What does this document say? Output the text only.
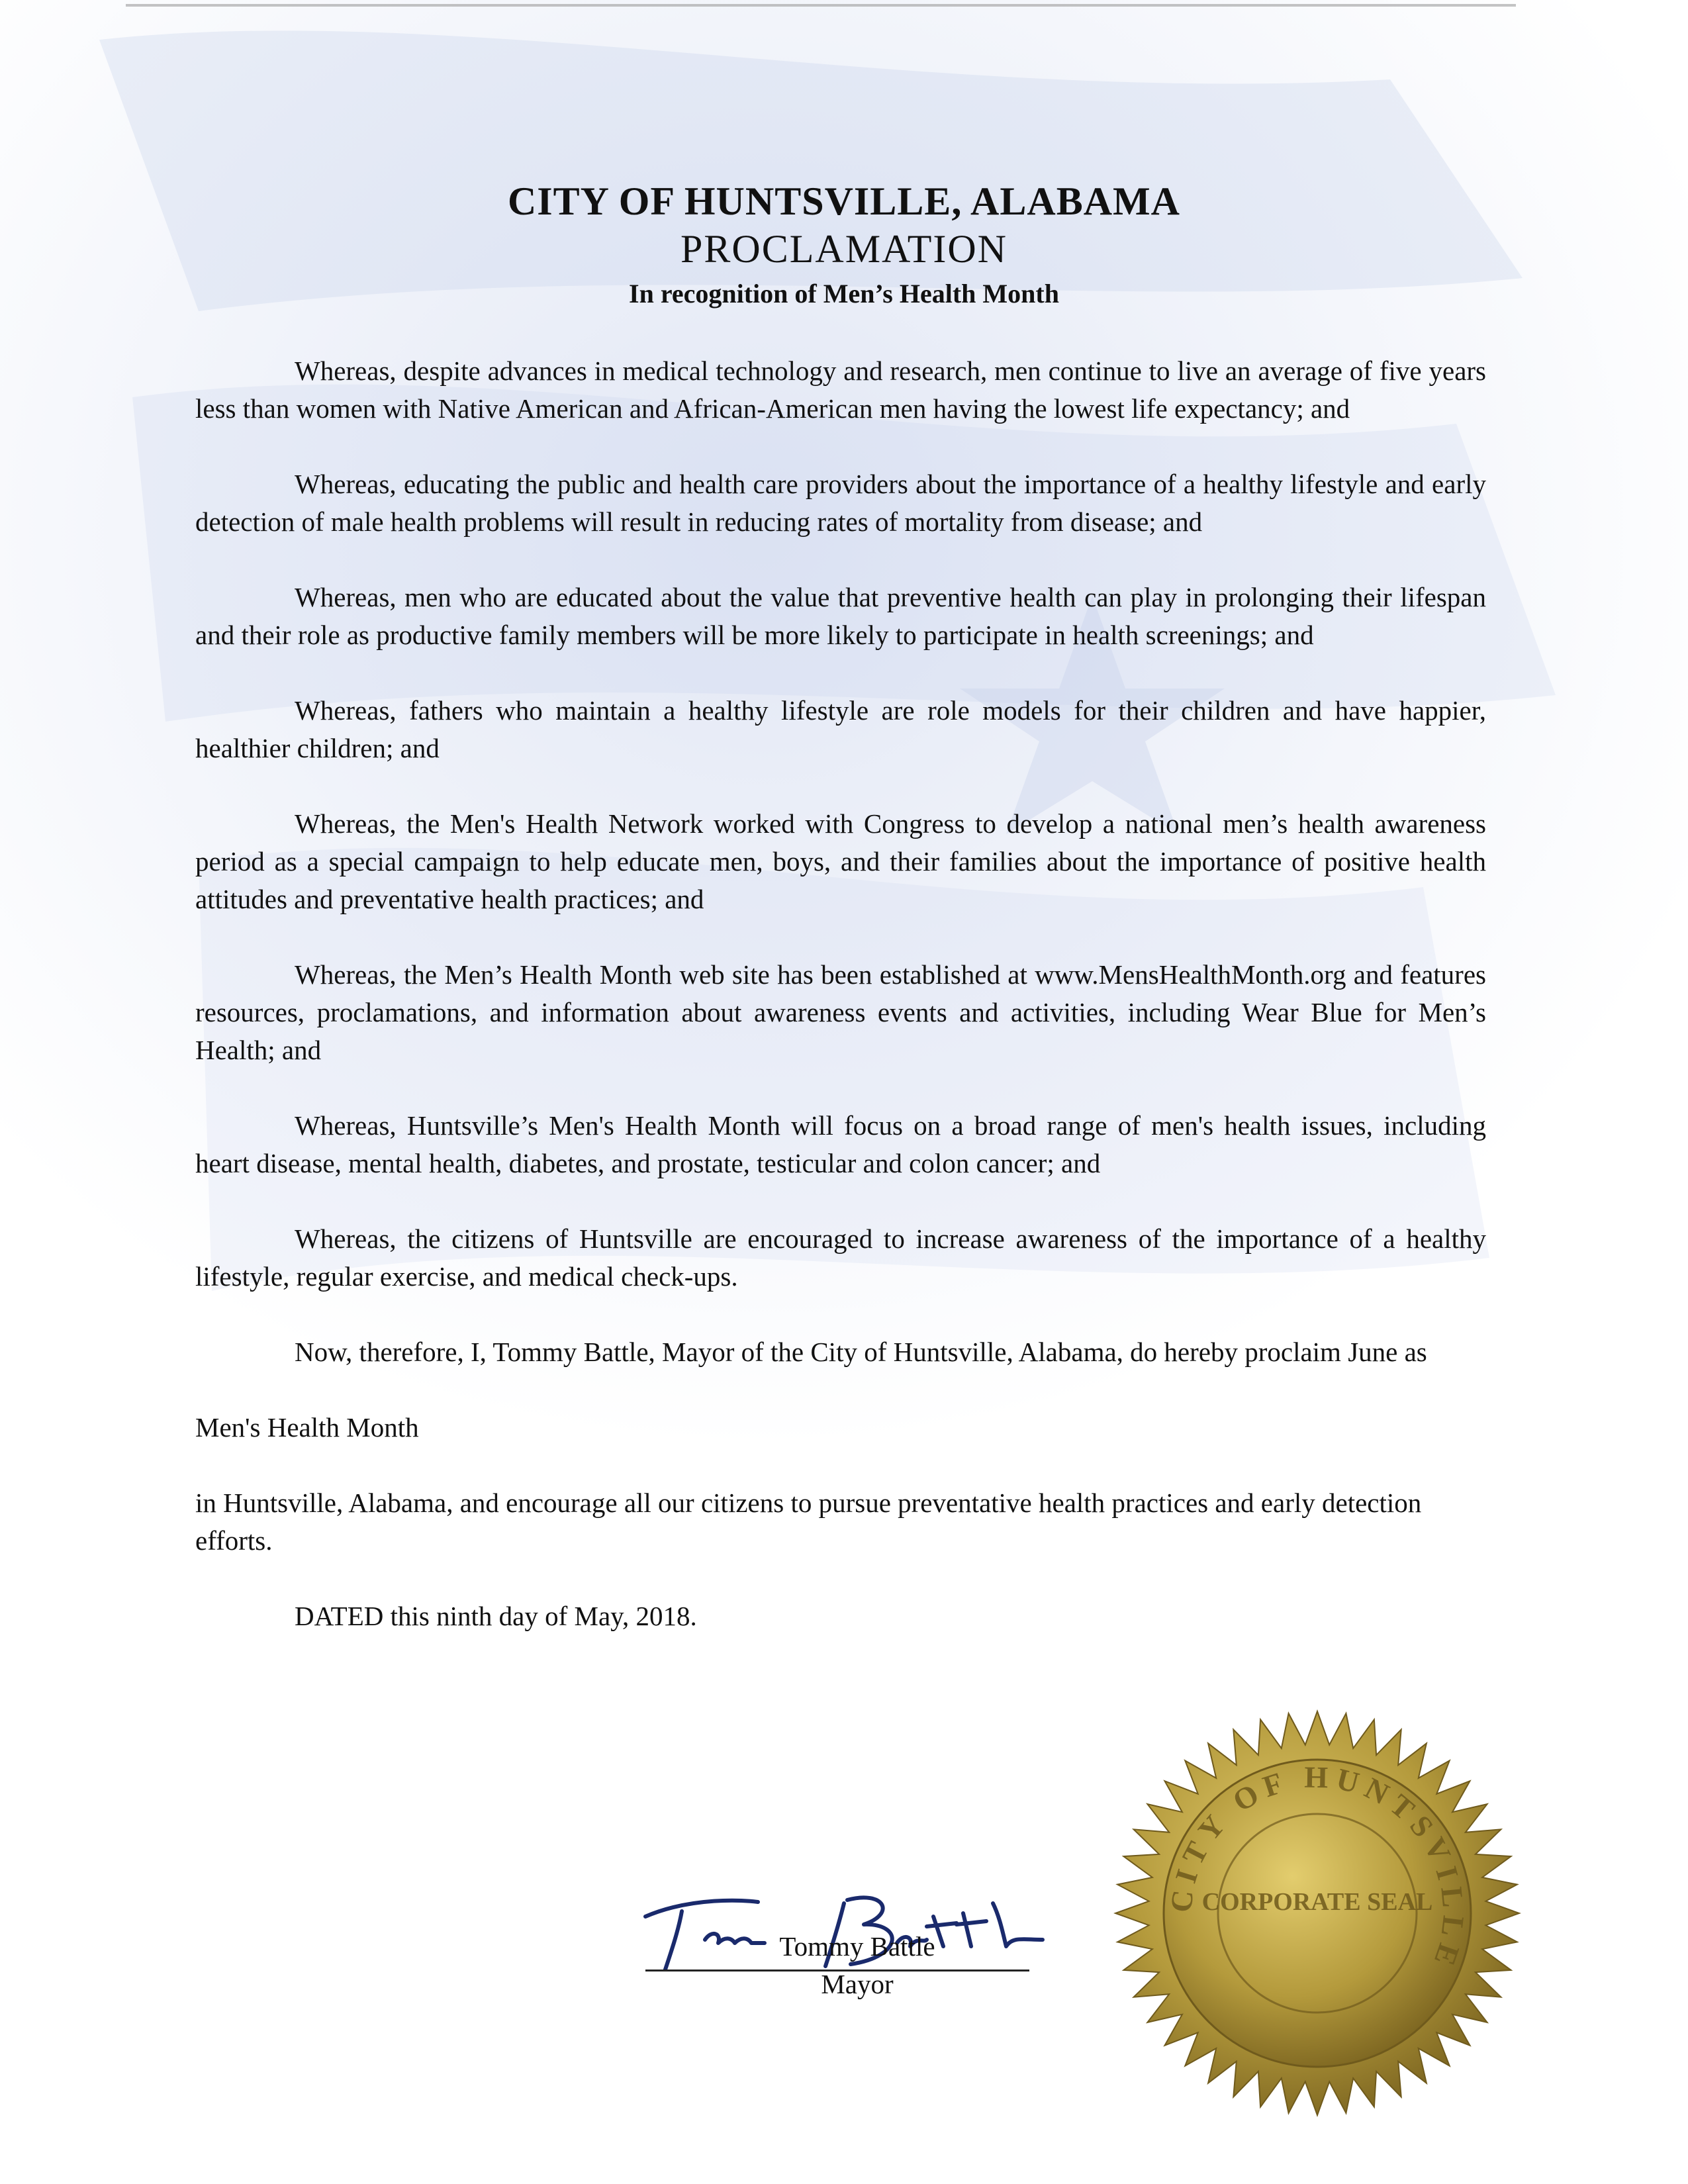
CITY OF HUNTSVILLE, ALABAMA
PROCLAMATION
In recognition of Men’s Health Month

Whereas, despite advances in medical technology and research, men continue to live an average of five years less than women with Native American and African-American men having the lowest life expectancy; and

Whereas, educating the public and health care providers about the importance of a healthy lifestyle and early detection of male health problems will result in reducing rates of mortality from disease; and

Whereas, men who are educated about the value that preventive health can play in prolonging their lifespan and their role as productive family members will be more likely to participate in health screenings; and

Whereas, fathers who maintain a healthy lifestyle are role models for their children and have happier, healthier children; and

Whereas, the Men's Health Network worked with Congress to develop a national men’s health awareness period as a special campaign to help educate men, boys, and their families about the importance of positive health attitudes and preventative health practices; and

Whereas, the Men’s Health Month web site has been established at www.MensHealthMonth.org and features resources, proclamations, and information about awareness events and activities, including Wear Blue for Men’s Health; and

Whereas, Huntsville’s Men's Health Month will focus on a broad range of men's health issues, including heart disease, mental health, diabetes, and prostate, testicular and colon cancer; and

Whereas, the citizens of Huntsville are encouraged to increase awareness of the importance of a healthy lifestyle, regular exercise, and medical check-ups.

Now, therefore, I, Tommy Battle, Mayor of the City of Huntsville, Alabama, do hereby proclaim June as

Men's Health Month

in Huntsville, Alabama, and encourage all our citizens to pursue preventative health practices and early detection efforts.

DATED this ninth day of May, 2018.

Tommy Battle
Mayor
CITY OF HUNTSVILLE
CORPORATE SEAL
